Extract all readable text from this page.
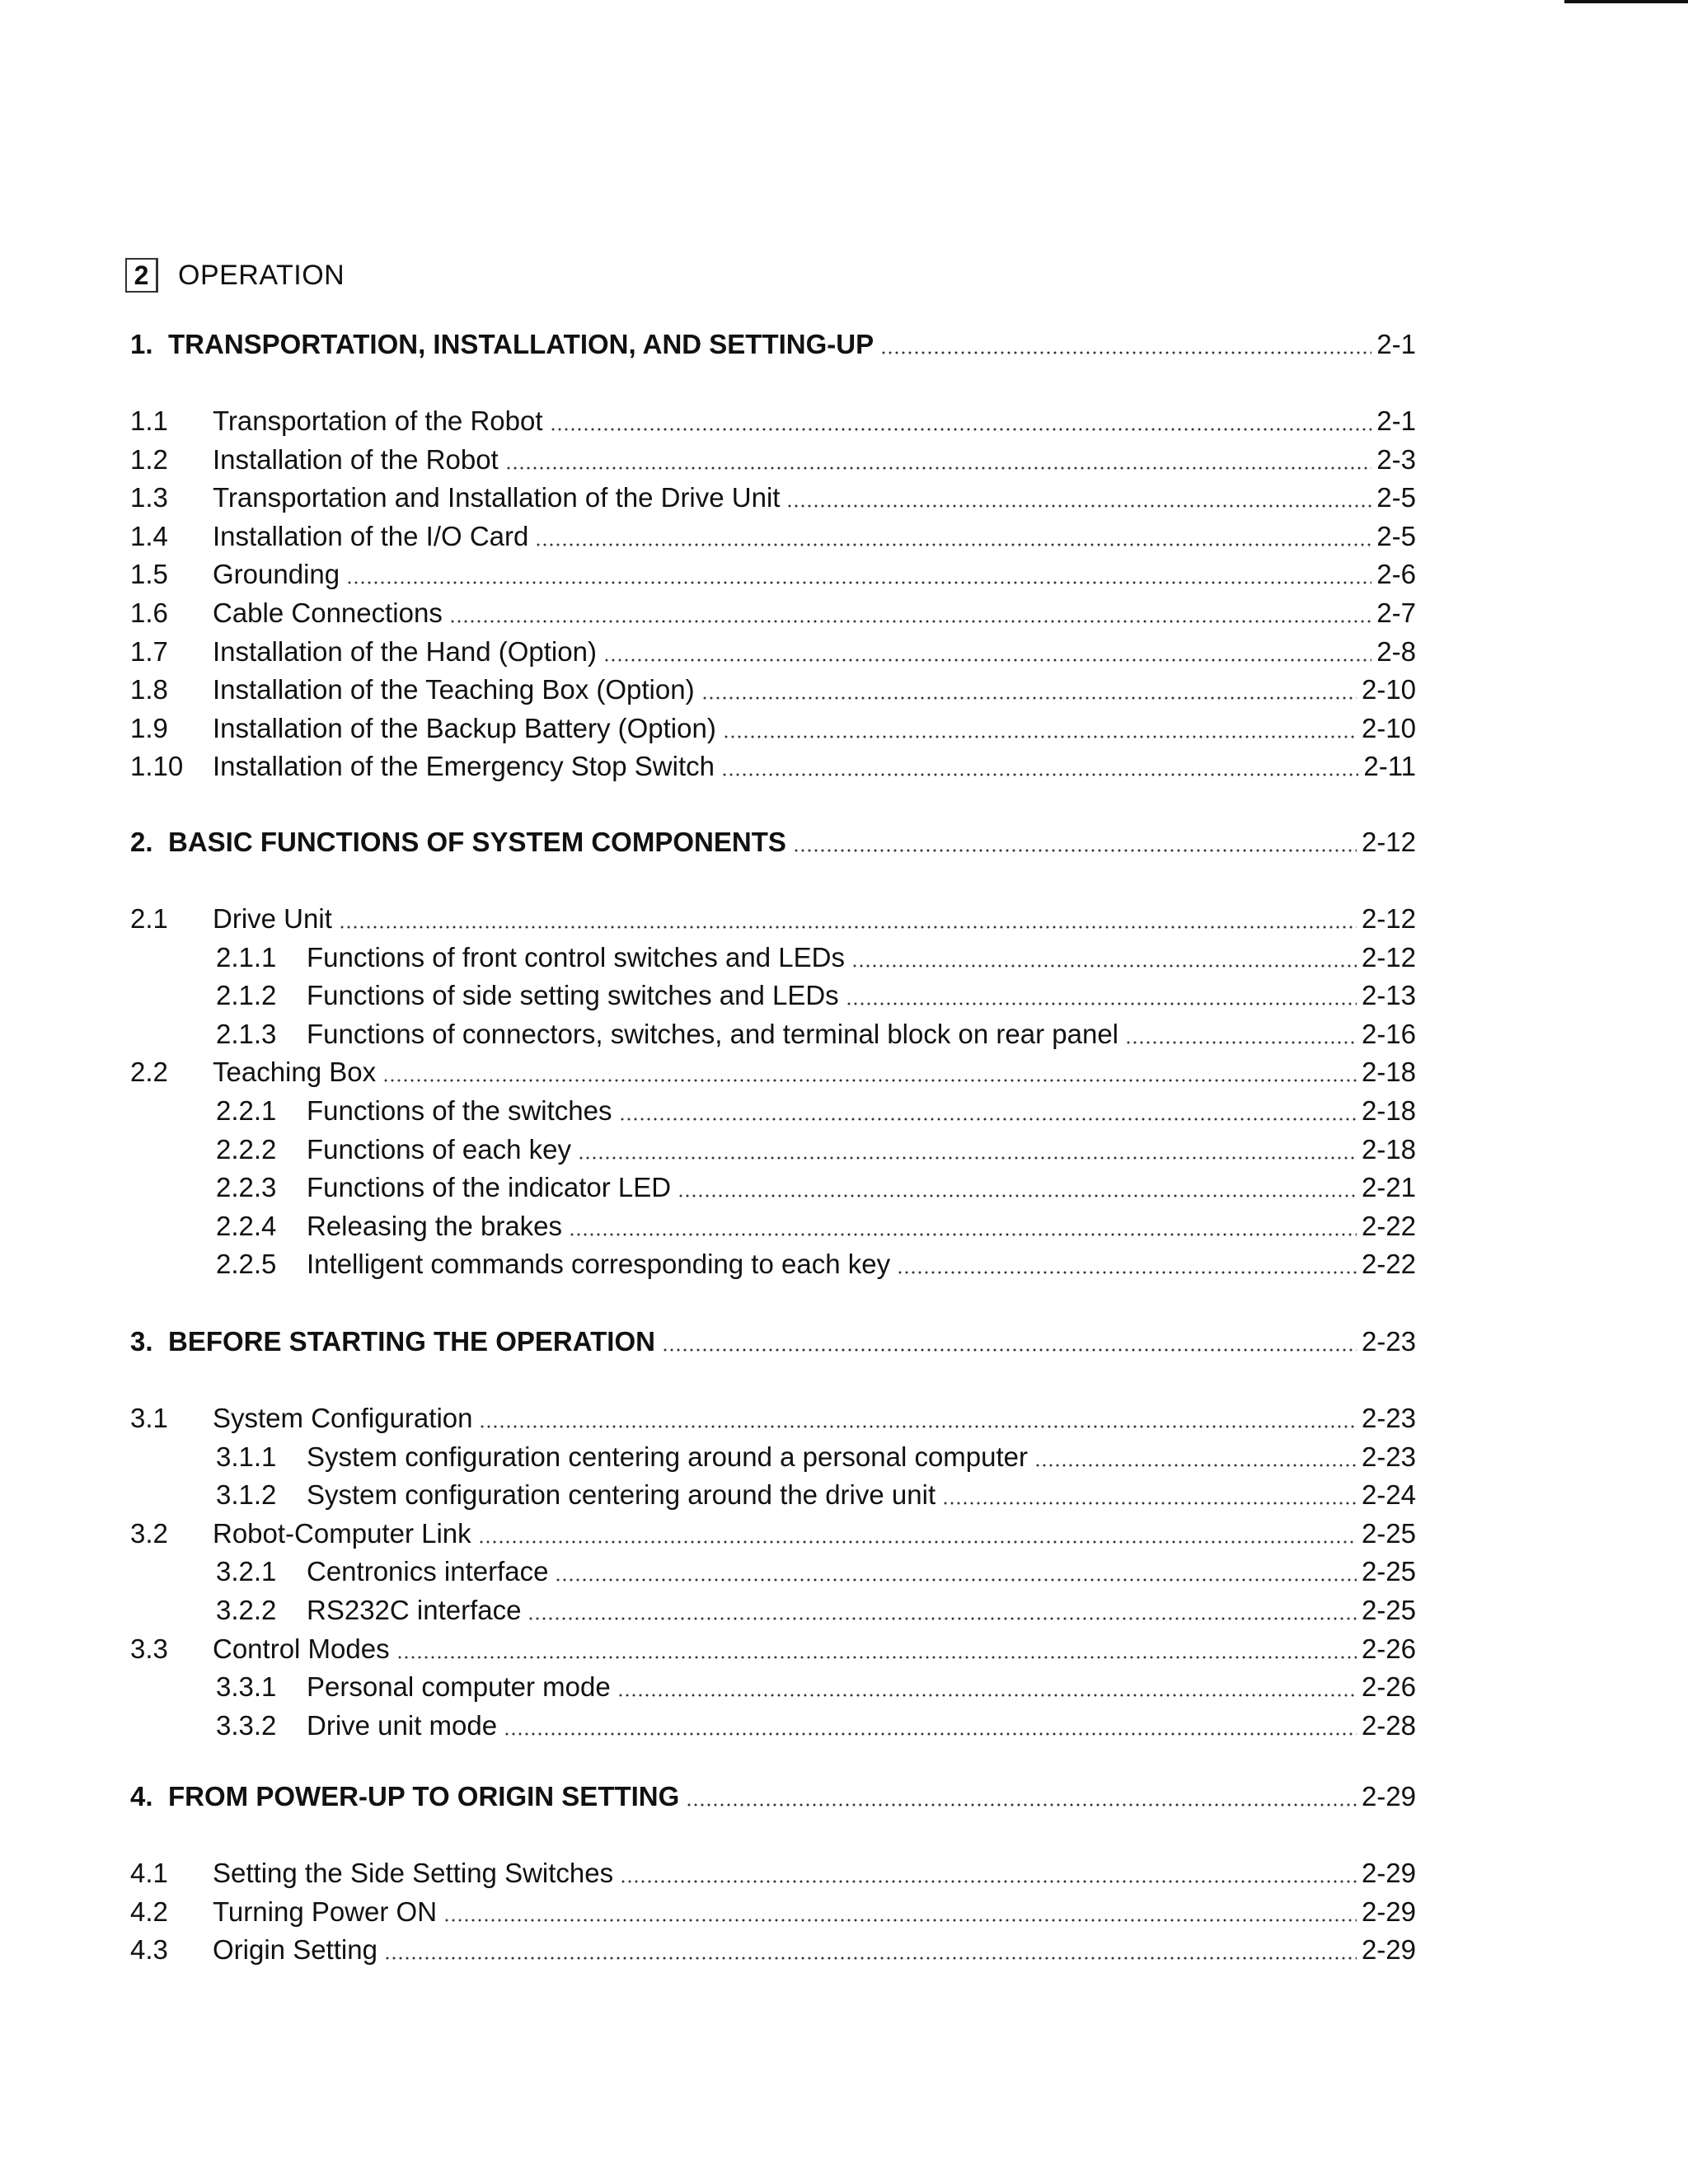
2	OPERATION
1. TRANSPORTATION, INSTALLATION, AND SETTING-UP	2-1
1.1 Transportation of the Robot	2-1
1.2 Installation of the Robot	2-3
1.3 Transportation and Installation of the Drive Unit	2-5
1.4 Installation of the I/O Card	2-5
1.5 Grounding	2-6
1.6 Cable Connections	2-7
1.7 Installation of the Hand (Option)	2-8
1.8 Installation of the Teaching Box (Option)	2-10
1.9 Installation of the Backup Battery (Option)	2-10
1.10 Installation of the Emergency Stop Switch	2-11
2. BASIC FUNCTIONS OF SYSTEM COMPONENTS	2-12
2.1 Drive Unit	2-12
2.1.1 Functions of front control switches and LEDs	2-12
2.1.2 Functions of side setting switches and LEDs	2-13
2.1.3 Functions of connectors, switches, and terminal block on rear panel	2-16
2.2 Teaching Box	2-18
2.2.1 Functions of the switches	2-18
2.2.2 Functions of each key	2-18
2.2.3 Functions of the indicator LED	2-21
2.2.4 Releasing the brakes	2-22
2.2.5 Intelligent commands corresponding to each key	2-22
3. BEFORE STARTING THE OPERATION	2-23
3.1 System Configuration	2-23
3.1.1 System configuration centering around a personal computer	2-23
3.1.2 System configuration centering around the drive unit	2-24
3.2 Robot-Computer Link	2-25
3.2.1 Centronics interface	2-25
3.2.2 RS232C interface	2-25
3.3 Control Modes	2-26
3.3.1 Personal computer mode	2-26
3.3.2 Drive unit mode	2-28
4. FROM POWER-UP TO ORIGIN SETTING	2-29
4.1 Setting the Side Setting Switches	2-29
4.2 Turning Power ON	2-29
4.3 Origin Setting	2-29
